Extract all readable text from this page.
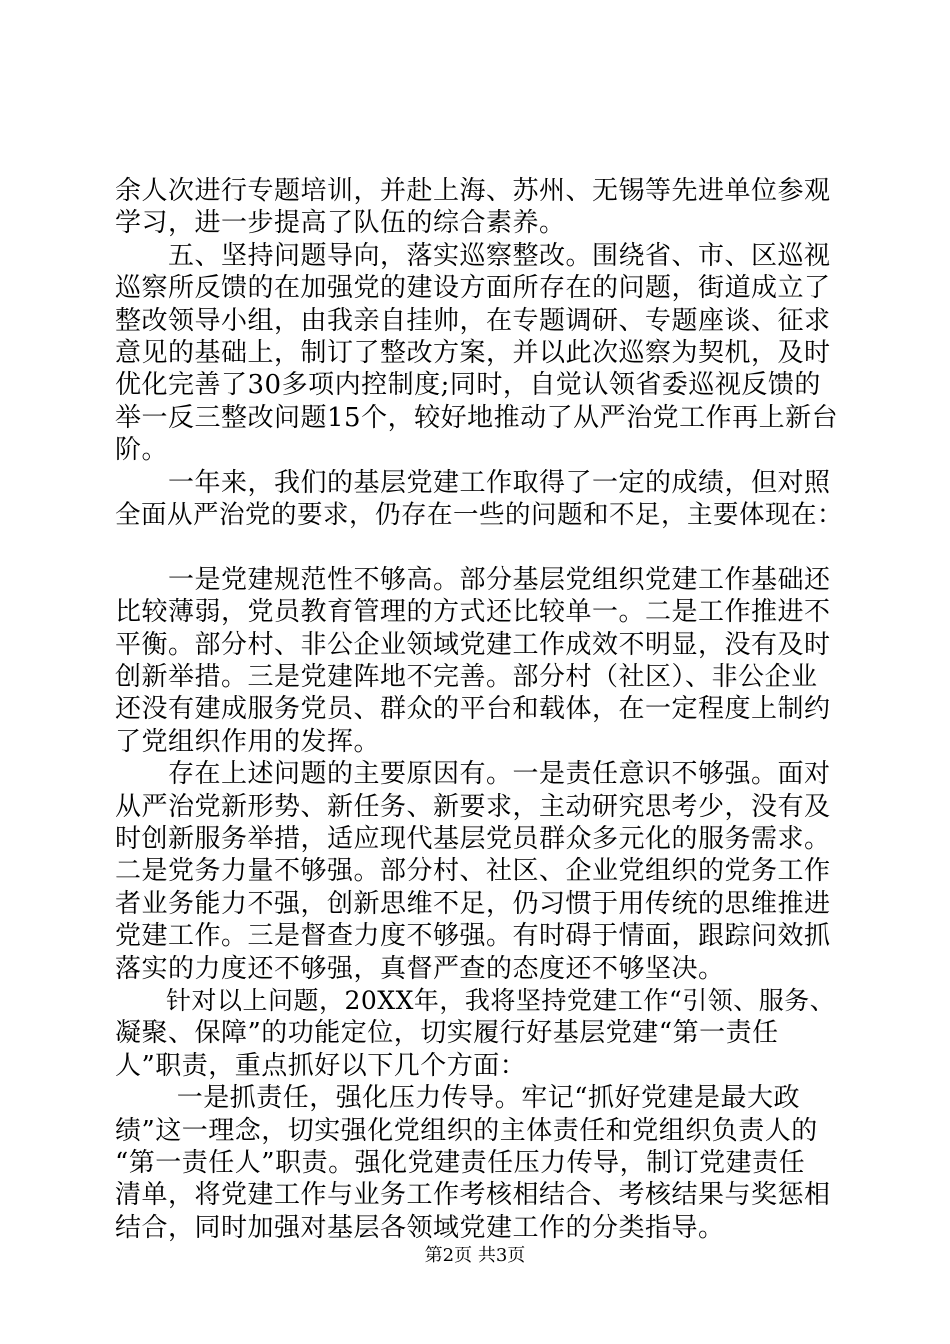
余人次进行专题培训，并赴上海、苏州、无锡等先进单位参观
学习，进一步提高了队伍的综合素养。
　　五、坚持问题导向，落实巡察整改。围绕省、市、区巡视
巡察所反馈的在加强党的建设方面所存在的问题，街道成立了
整改领导小组，由我亲自挂帅，在专题调研、专题座谈、征求
意见的基础上，制订了整改方案，并以此次巡察为契机，及时
优化完善了30多项内控制度;同时，自觉认领省委巡视反馈的
举一反三整改问题15个，较好地推动了从严治党工作再上新台
阶。
　　一年来，我们的基层党建工作取得了一定的成绩，但对照
全面从严治党的要求，仍存在一些的问题和不足，主要体现在：
　　一是党建规范性不够高。部分基层党组织党建工作基础还
比较薄弱，党员教育管理的方式还比较单一。二是工作推进不
平衡。部分村、非公企业领域党建工作成效不明显，没有及时
创新举措。三是党建阵地不完善。部分村（社区）、非公企业
还没有建成服务党员、群众的平台和载体，在一定程度上制约
了党组织作用的发挥。
　　存在上述问题的主要原因有。一是责任意识不够强。面对
从严治党新形势、新任务、新要求，主动研究思考少，没有及
时创新服务举措，适应现代基层党员群众多元化的服务需求。
二是党务力量不够强。部分村、社区、企业党组织的党务工作
者业务能力不强，创新思维不足，仍习惯于用传统的思维推进
党建工作。三是督查力度不够强。有时碍于情面，跟踪问效抓
落实的力度还不够强，真督严查的态度还不够坚决。
　　针对以上问题，20XX年，我将坚持党建工作“引领、服务、
凝聚、保障”的功能定位，切实履行好基层党建“第一责任
人”职责，重点抓好以下几个方面：
　　 一是抓责任，强化压力传导。牢记“抓好党建是最大政
绩”这一理念，切实强化党组织的主体责任和党组织负责人的
“第一责任人”职责。强化党建责任压力传导，制订党建责任
第2页 共3页
清单，将党建工作与业务工作考核相结合、考核结果与奖惩相
结合，同时加强对基层各领域党建工作的分类指导。
